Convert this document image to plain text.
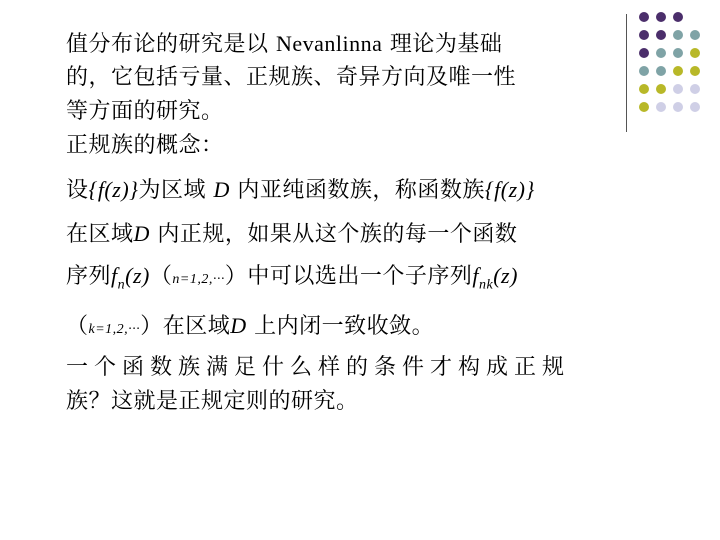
值分布论的研究是以 Nevanlinna 理论为基础
的，它包括亏量、正规族、奇异方向及唯一性
等方面的研究。
正规族的概念：
设{f(z)}为区域 D 内亚纯函数族，称函数族{f(z)}
在区域D 内正规，如果从这个族的每一个函数
序列$f_n(z)(n=1,2,\cdot\cdot\cdot)$中可以选出一个子序列$f_{nk}(z)$
（k=1,2,···）在区域D 上内闭一致收敛。
一个函数族满足什么样的条件才构成正规
族？这就是正规定则的研究。
